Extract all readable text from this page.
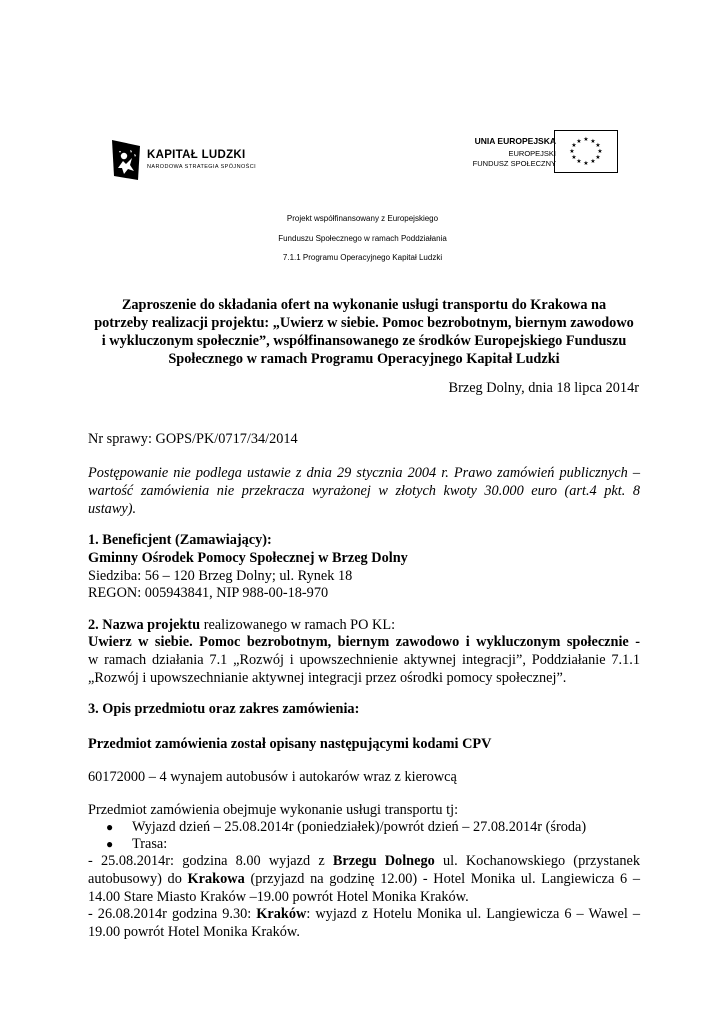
KAPITAŁ LUDZKI
NARODOWA STRATEGIA SPÓJNOŚCI
UNIA EUROPEJSKA
EUROPEJSKI
FUNDUSZ SPOŁECZNY
★ ★
★
★
★
★
★
★
★
★
★
★
Projekt współfinansowany z Europejskiego
Funduszu Społecznego w ramach Poddziałania
7.1.1 Programu Operacyjnego Kapitał Ludzki
Zaproszenie do składania ofert na wykonanie usługi transportu do Krakowa na
potrzeby realizacji projektu: „Uwierz w siebie. Pomoc bezrobotnym, biernym zawodowo
i wykluczonym społecznie”, współfinansowanego ze środków Europejskiego Funduszu
Społecznego w ramach Programu Operacyjnego Kapitał Ludzki
Brzeg Dolny, dnia 18 lipca 2014r
Nr sprawy: GOPS/PK/0717/34/2014
Postępowanie nie podlega ustawie z dnia 29 stycznia 2004 r. Prawo zamówień publicznych –
wartość zamówienia nie przekracza wyrażonej w złotych kwoty 30.000 euro (art.4 pkt. 8
ustawy).
1. Beneficjent (Zamawiający):
Gminny Ośrodek Pomocy Społecznej w Brzeg Dolny
Siedziba: 56 – 120 Brzeg Dolny; ul. Rynek 18
REGON: 005943841, NIP 988-00-18-970
2. Nazwa projektu realizowanego w ramach PO KL:
Uwierz w siebie. Pomoc bezrobotnym, biernym zawodowo i wykluczonym społecznie -
w ramach działania 7.1 „Rozwój i upowszechnienie aktywnej integracji”, Poddziałanie 7.1.1
„Rozwój i upowszechnianie aktywnej integracji przez ośrodki pomocy społecznej”.
3. Opis przedmiotu oraz zakres zamówienia:
Przedmiot zamówienia został opisany następującymi kodami CPV
60172000 – 4 wynajem autobusów i autokarów wraz z kierowcą
Przedmiot zamówienia obejmuje wykonanie usługi transportu tj:
● Wyjazd dzień – 25.08.2014r (poniedziałek)/powrót dzień – 27.08.2014r (środa)
● Trasa:
- 25.08.2014r: godzina 8.00 wyjazd z Brzegu Dolnego ul. Kochanowskiego (przystanek
autobusowy) do Krakowa (przyjazd na godzinę 12.00) - Hotel Monika ul. Langiewicza 6 –
14.00 Stare Miasto Kraków –19.00 powrót Hotel Monika Kraków.
- 26.08.2014r godzina 9.30: Kraków: wyjazd z Hotelu Monika ul. Langiewicza 6 – Wawel –
19.00 powrót Hotel Monika Kraków.
